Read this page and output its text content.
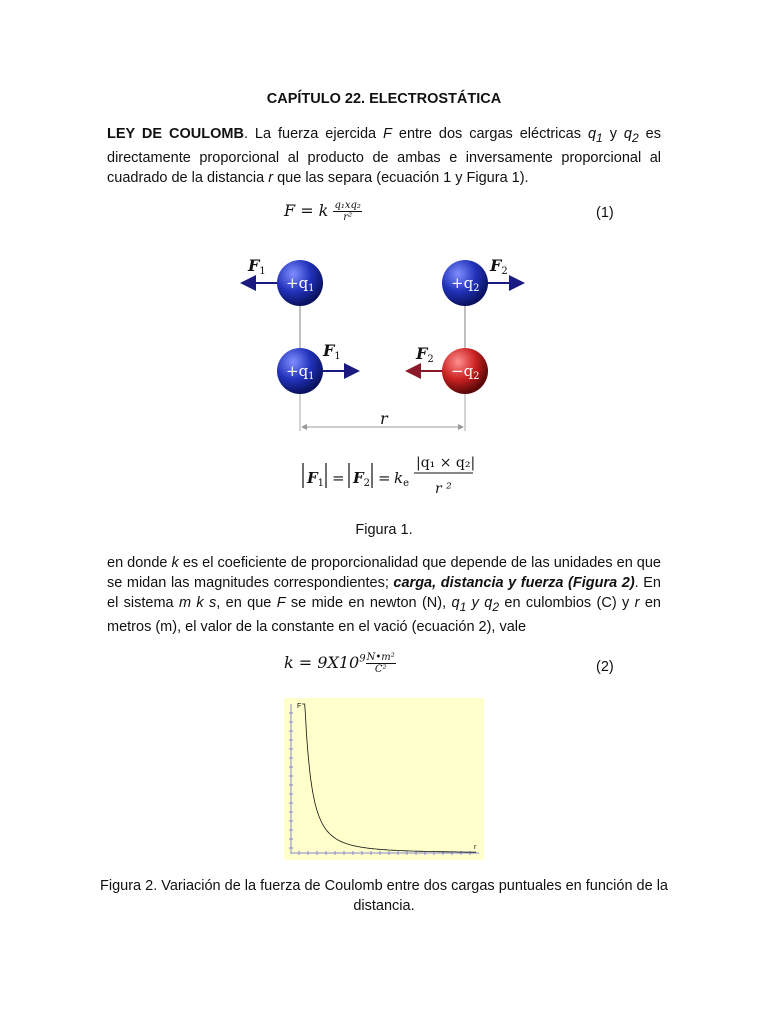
CAPÍTULO 22. ELECTROSTÁTICA
LEY DE COULOMB. La fuerza ejercida F entre dos cargas eléctricas $q_1$ y $q_2$ es directamente proporcional al producto de ambas e inversamente proporcional al cuadrado de la distancia r que las separa (ecuación 1 y Figura 1).
F = k $\frac{\text{q₁xq₂}}{\text{r²}}$	(1)
$+q_1$	$+q_2$
$+q_1$	$-q_2$
F1	F2
F1	F2
r
$F_1 = F_2 = k_e$
|q₁ × q₂|
r ²
Figura 1.
en donde k es el coeficiente de proporcionalidad que depende de las unidades en que se midan las magnitudes correspondientes; carga, distancia y fuerza (Figura 2). En el sistema m k s, en que F se mide en newton (N), $q_1$ y $q_2$ en culombios (C) y r en metros (m), el valor de la constante en el vació (ecuación 2), vale
$k = 9X10^9 \frac{\text{N•m²}}{\text{C²}}$	(2)
F
r
Figura 2. Variación de la fuerza de Coulomb entre dos cargas puntuales en función de la distancia.
